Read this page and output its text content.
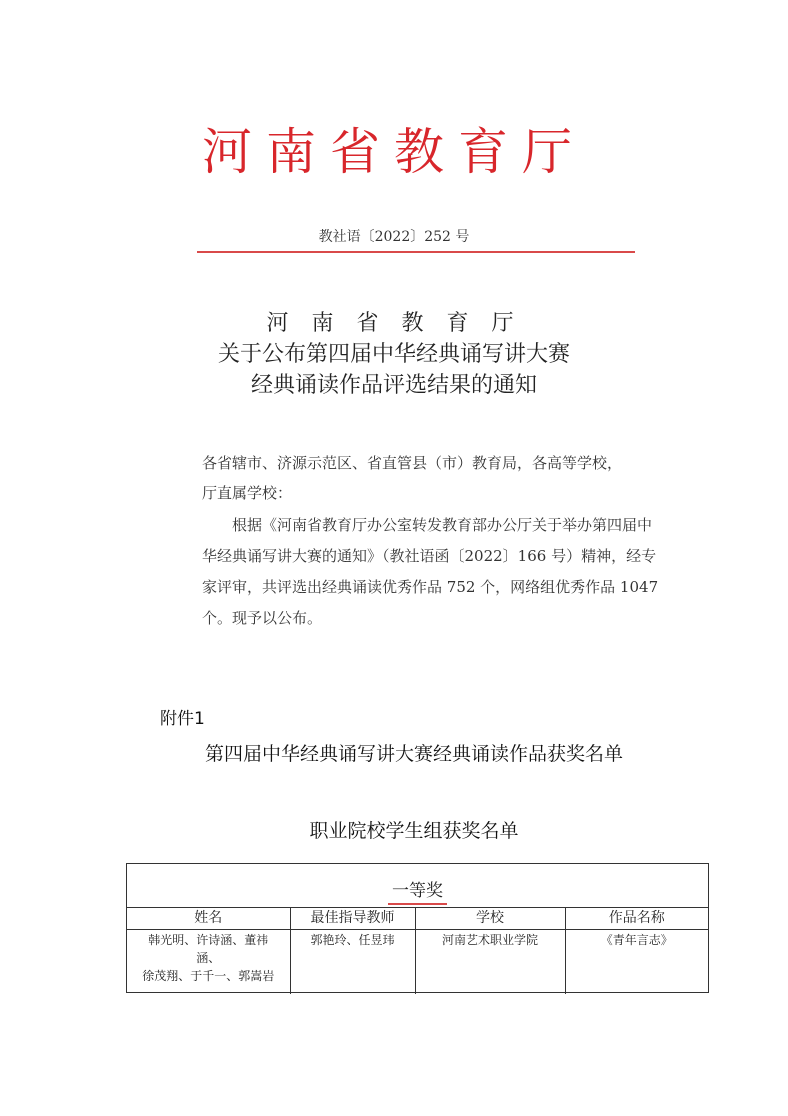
河南省教育厅
教社语〔2022〕252 号
河 南 省 教 育 厅
关于公布第四届中华经典诵写讲大赛
经典诵读作品评选结果的通知
各省辖市、济源示范区、省直管县（市）教育局，各高等学校，
厅直属学校：
根据《河南省教育厅办公室转发教育部办公厅关于举办第四届中华经典诵写讲大赛的通知》（教社语函〔2022〕166 号）精神，经专家评审，共评选出经典诵读优秀作品 752 个，网络组优秀作品 1047 个。现予以公布。
附件1
第四届中华经典诵写讲大赛经典诵读作品获奖名单
职业院校学生组获奖名单
一等奖
姓名	最佳指导教师	学校	作品名称

韩光明、许诗涵、董祎
涵、
徐茂翔、于千一、郭嵩岩	郭艳玲、任昱玮	河南艺术职业学院	《青年言志》
